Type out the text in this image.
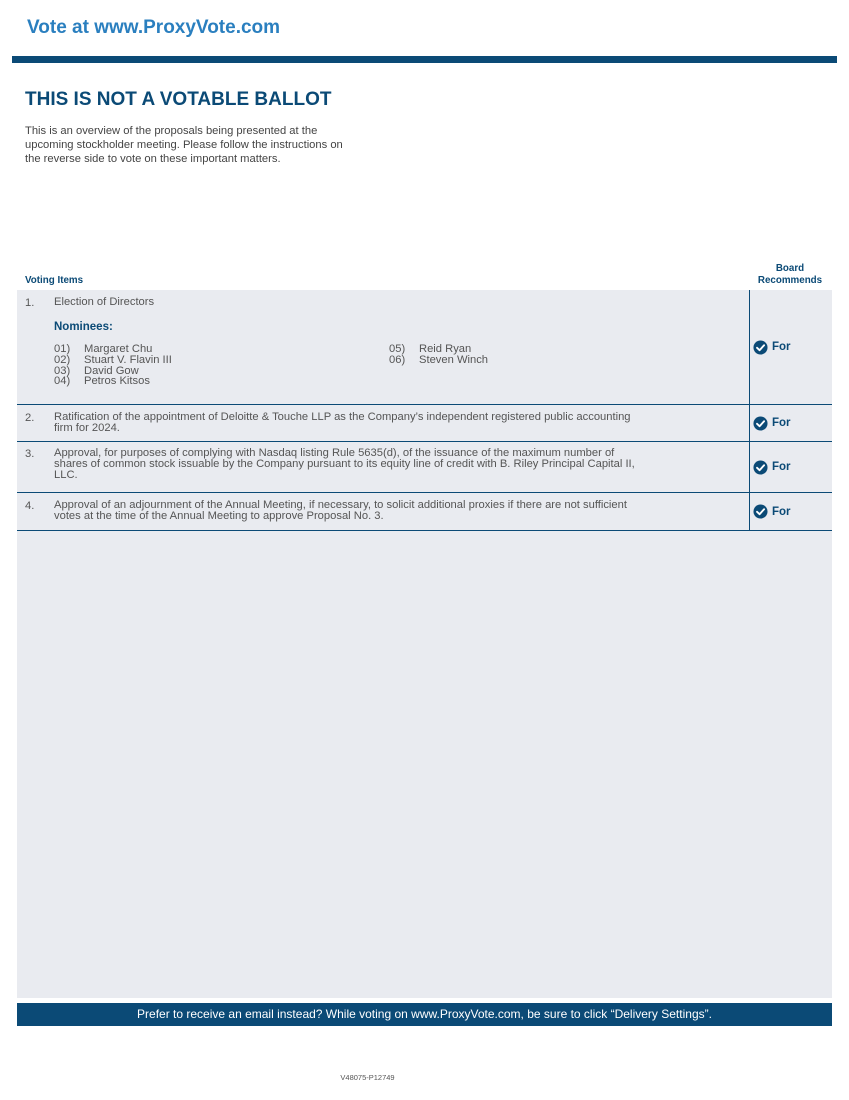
Vote at www.ProxyVote.com
THIS IS NOT A VOTABLE BALLOT
This is an overview of the proposals being presented at the
upcoming stockholder meeting. Please follow the instructions on
the reverse side to vote on these important matters.
Voting Items
Board
Recommends
1. Election of Directors
Nominees:
01) Margaret Chu
02) Stuart V. Flavin III
03) David Gow
04) Petros Kitsos
05) Reid Ryan
06) Steven Winch
For
2. Ratification of the appointment of Deloitte & Touche LLP as the Company’s independent registered public accounting
firm for 2024.	For
3. Approval, for purposes of complying with Nasdaq listing Rule 5635(d), of the issuance of the maximum number of
shares of common stock issuable by the Company pursuant to its equity line of credit with B. Riley Principal Capital II,
LLC.
For
4. Approval of an adjournment of the Annual Meeting, if necessary, to solicit additional proxies if there are not sufficient
votes at the time of the Annual Meeting to approve Proposal No. 3.	For
Prefer to receive an email instead? While voting on www.ProxyVote.com, be sure to click “Delivery Settings”.
V48075-P12749
